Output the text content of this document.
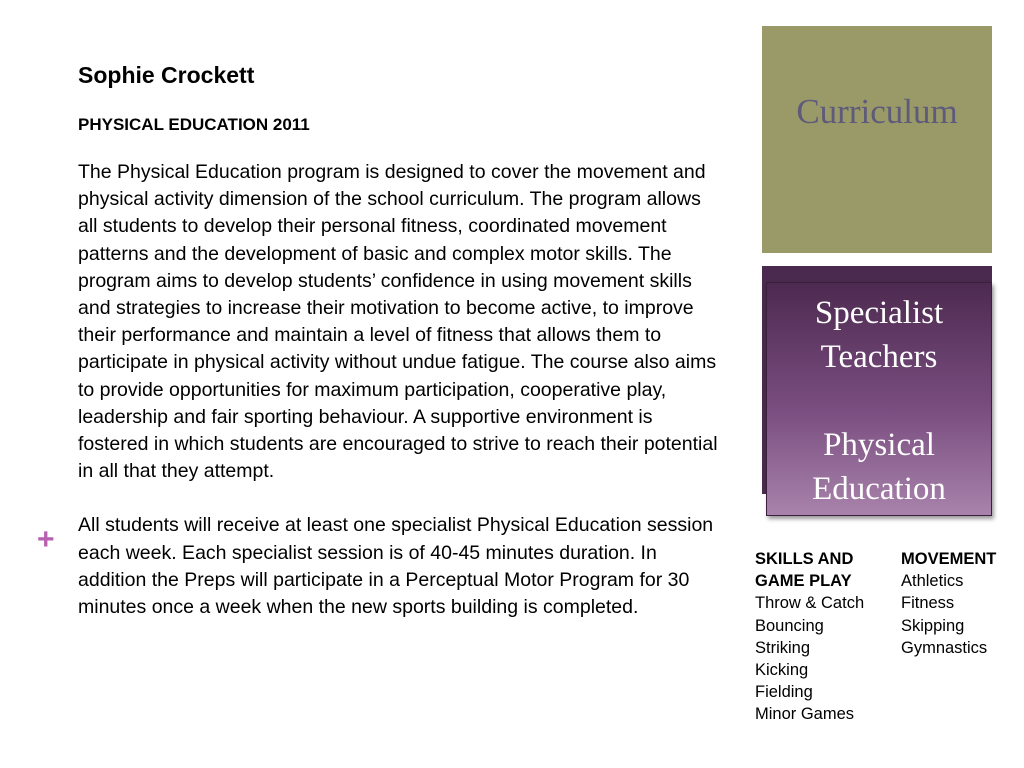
Sophie Crockett
PHYSICAL EDUCATION 2011

The Physical Education program is designed to cover the movement and physical activity dimension of the school curriculum. The program allows all students to develop their personal fitness, coordinated movement patterns and the development of basic and complex motor skills. The program aims to develop students’ confidence in using movement skills and strategies to increase their motivation to become active, to improve their performance and maintain a level of fitness that allows them to participate in physical activity without undue fatigue. The course also aims to provide opportunities for maximum participation, cooperative play, leadership and fair sporting behaviour. A supportive environment is fostered in which students are encouraged to strive to reach their potential in all that they attempt.

All students will receive at least one specialist Physical Education session each week. Each specialist session is of 40-45 minutes duration. In addition the Preps will participate in a Perceptual Motor Program for 30 minutes once a week when the new sports building is completed.

+
Curriculum
Specialist
Teachers
Physical
Education
SKILLS AND
GAME PLAY
Throw & Catch
Bouncing
Striking
Kicking
Fielding
Minor Games
MOVEMENT
Athletics
Fitness
Skipping
Gymnastics
